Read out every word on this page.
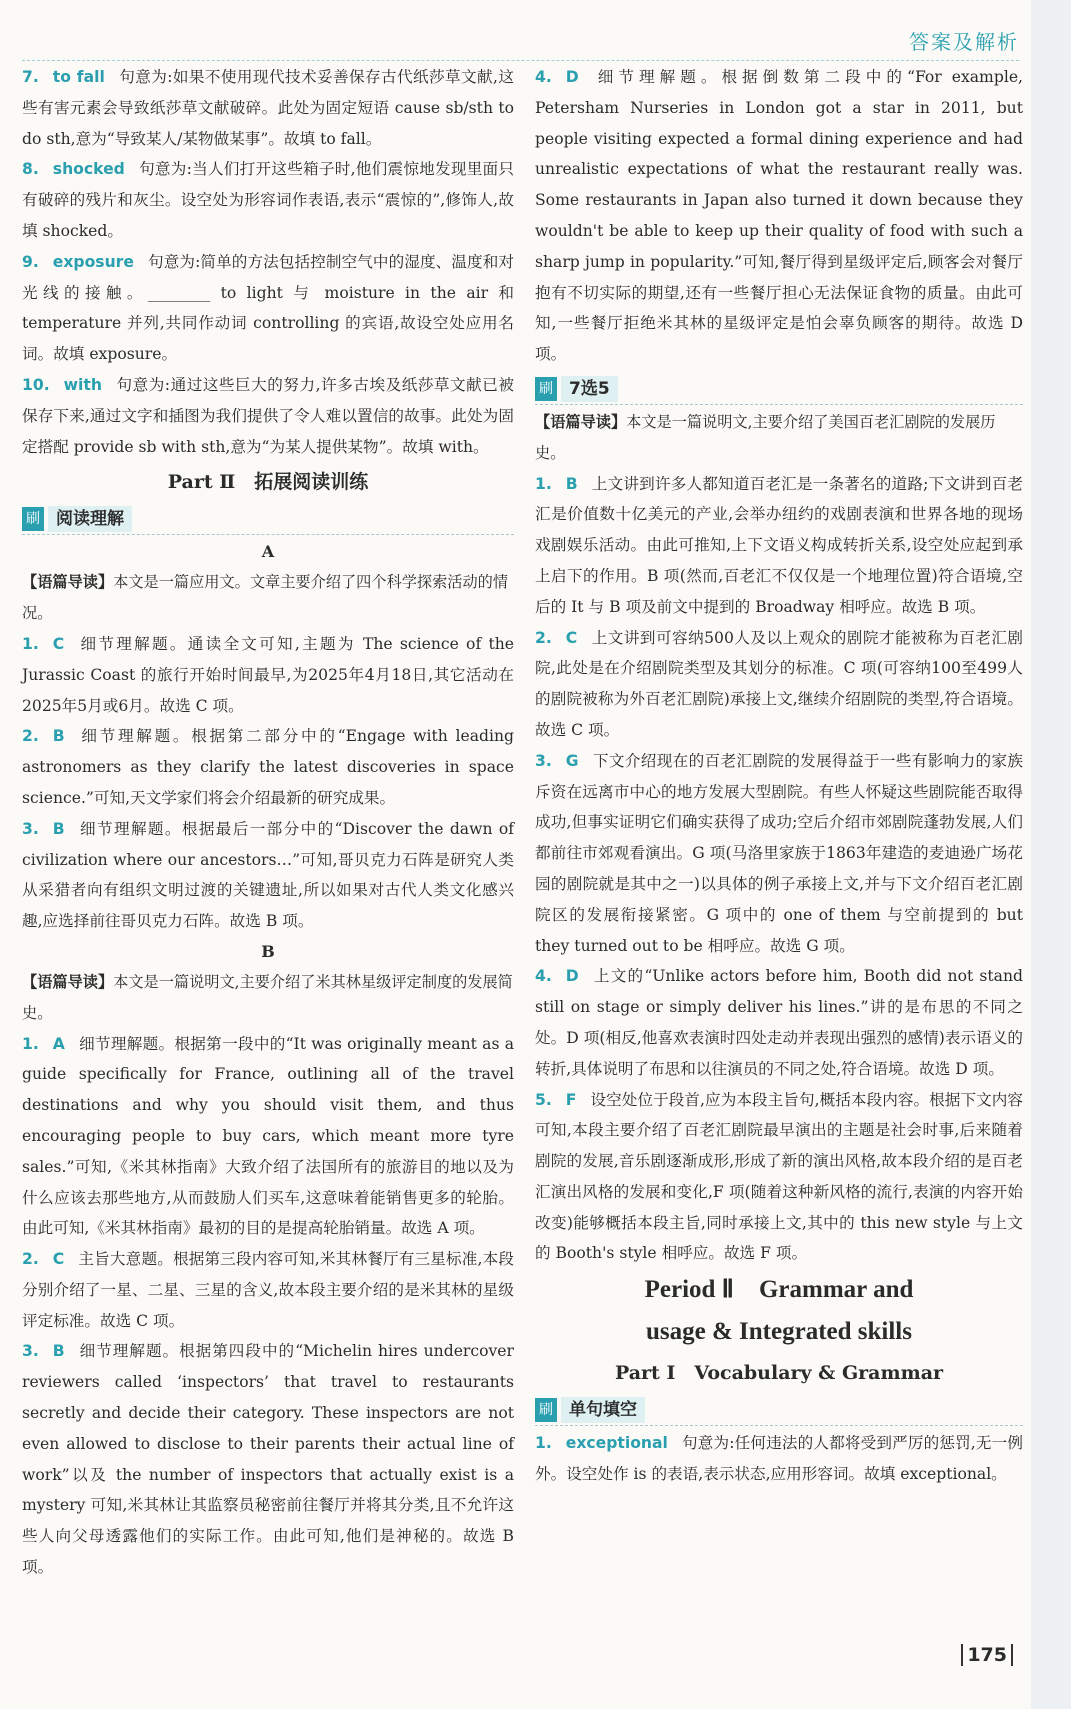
答案及解析

7. to fall 句意为:如果不使用现代技术妥善保存古代纸莎草文献,这些有害元素会导致纸莎草文献破碎。此处为固定短语 cause sb/sth to do sth,意为“导致某人/某物做某事”。故填 to fall。

8. shocked 句意为:当人们打开这些箱子时,他们震惊地发现里面只有破碎的残片和灰尘。设空处为形容词作表语,表示“震惊的”,修饰人,故填 shocked。

9. exposure 句意为:简单的方法包括控制空气中的湿度、温度和对光线的接触。________ to light 与 moisture in the air 和 temperature 并列,共同作动词 controlling 的宾语,故设空处应用名词。故填 exposure。

10. with 句意为:通过这些巨大的努力,许多古埃及纸莎草文献已被保存下来,通过文字和插图为我们提供了令人难以置信的故事。此处为固定搭配 provide sb with sth,意为“为某人提供某物”。故填 with。

Part Ⅱ　拓展阅读训练
刷 阅读理解
A

【语篇导读】本文是一篇应用文。文章主要介绍了四个科学探索活动的情况。

1. C 细节理解题。通读全文可知,主题为 The science of the Jurassic Coast 的旅行开始时间最早,为2025年4月18日,其它活动在2025年5月或6月。故选 C 项。

2. B 细节理解题。根据第二部分中的“Engage with leading astronomers as they clarify the latest discoveries in space science.”可知,天文学家们将会介绍最新的研究成果。

3. B 细节理解题。根据最后一部分中的“Discover the dawn of civilization where our ancestors…”可知,哥贝克力石阵是研究人类从采猎者向有组织文明过渡的关键遗址,所以如果对古代人类文化感兴趣,应选择前往哥贝克力石阵。故选 B 项。

B

【语篇导读】本文是一篇说明文,主要介绍了米其林星级评定制度的发展简史。

1. A 细节理解题。根据第一段中的“It was originally meant as a guide specifically for France, outlining all of the travel destinations and why you should visit them, and thus encouraging people to buy cars, which meant more tyre sales.”可知,《米其林指南》大致介绍了法国所有的旅游目的地以及为什么应该去那些地方,从而鼓励人们买车,这意味着能销售更多的轮胎。由此可知,《米其林指南》最初的目的是提高轮胎销量。故选 A 项。

2. C 主旨大意题。根据第三段内容可知,米其林餐厅有三星标准,本段分别介绍了一星、二星、三星的含义,故本段主要介绍的是米其林的星级评定标准。故选 C 项。

3. B 细节理解题。根据第四段中的“Michelin hires undercover reviewers called ‘inspectors’ that travel to restaurants secretly and decide their category. These inspectors are not even allowed to disclose to their parents their actual line of work”以及 the number of inspectors that actually exist is a mystery 可知,米其林让其监察员秘密前往餐厅并将其分类,且不允许这些人向父母透露他们的实际工作。由此可知,他们是神秘的。故选 B 项。

4. D 细节理解题。根据倒数第二段中的“For example, Petersham Nurseries in London got a star in 2011, but people visiting expected a formal dining experience and had unrealistic expectations of what the restaurant really was. Some restaurants in Japan also turned it down because they wouldn't be able to keep up their quality of food with such a sharp jump in popularity.”可知,餐厅得到星级评定后,顾客会对餐厅抱有不切实际的期望,还有一些餐厅担心无法保证食物的质量。由此可知,一些餐厅拒绝米其林的星级评定是怕会辜负顾客的期待。故选 D 项。

刷 7选5

【语篇导读】本文是一篇说明文,主要介绍了美国百老汇剧院的发展历史。

1. B 上文讲到许多人都知道百老汇是一条著名的道路;下文讲到百老汇是价值数十亿美元的产业,会举办纽约的戏剧表演和世界各地的现场戏剧娱乐活动。由此可推知,上下文语义构成转折关系,设空处应起到承上启下的作用。B 项(然而,百老汇不仅仅是一个地理位置)符合语境,空后的 It 与 B 项及前文中提到的 Broadway 相呼应。故选 B 项。

2. C 上文讲到可容纳500人及以上观众的剧院才能被称为百老汇剧院,此处是在介绍剧院类型及其划分的标准。C 项(可容纳100至499人的剧院被称为外百老汇剧院)承接上文,继续介绍剧院的类型,符合语境。故选 C 项。

3. G 下文介绍现在的百老汇剧院的发展得益于一些有影响力的家族斥资在远离市中心的地方发展大型剧院。有些人怀疑这些剧院能否取得成功,但事实证明它们确实获得了成功;空后介绍市郊剧院蓬勃发展,人们都前往市郊观看演出。G 项(马洛里家族于1863年建造的麦迪逊广场花园的剧院就是其中之一)以具体的例子承接上文,并与下文介绍百老汇剧院区的发展衔接紧密。G 项中的 one of them 与空前提到的 but they turned out to be 相呼应。故选 G 项。

4. D 上文的“Unlike actors before him, Booth did not stand still on stage or simply deliver his lines.”讲的是布思的不同之处。D 项(相反,他喜欢表演时四处走动并表现出强烈的感情)表示语义的转折,具体说明了布思和以往演员的不同之处,符合语境。故选 D 项。

5. F 设空处位于段首,应为本段主旨句,概括本段内容。根据下文内容可知,本段主要介绍了百老汇剧院最早演出的主题是社会时事,后来随着剧院的发展,音乐剧逐渐成形,形成了新的演出风格,故本段介绍的是百老汇演出风格的发展和变化,F 项(随着这种新风格的流行,表演的内容开始改变)能够概括本段主旨,同时承接上文,其中的 this new style 与上文的 Booth's style 相呼应。故选 F 项。

Period Ⅱ　Grammar and
usage & Integrated skills
Part Ⅰ　Vocabulary & Grammar
刷 单句填空

1. exceptional 句意为:任何违法的人都将受到严厉的惩罚,无一例外。设空处作 is 的表语,表示状态,应用形容词。故填 exceptional。

175
